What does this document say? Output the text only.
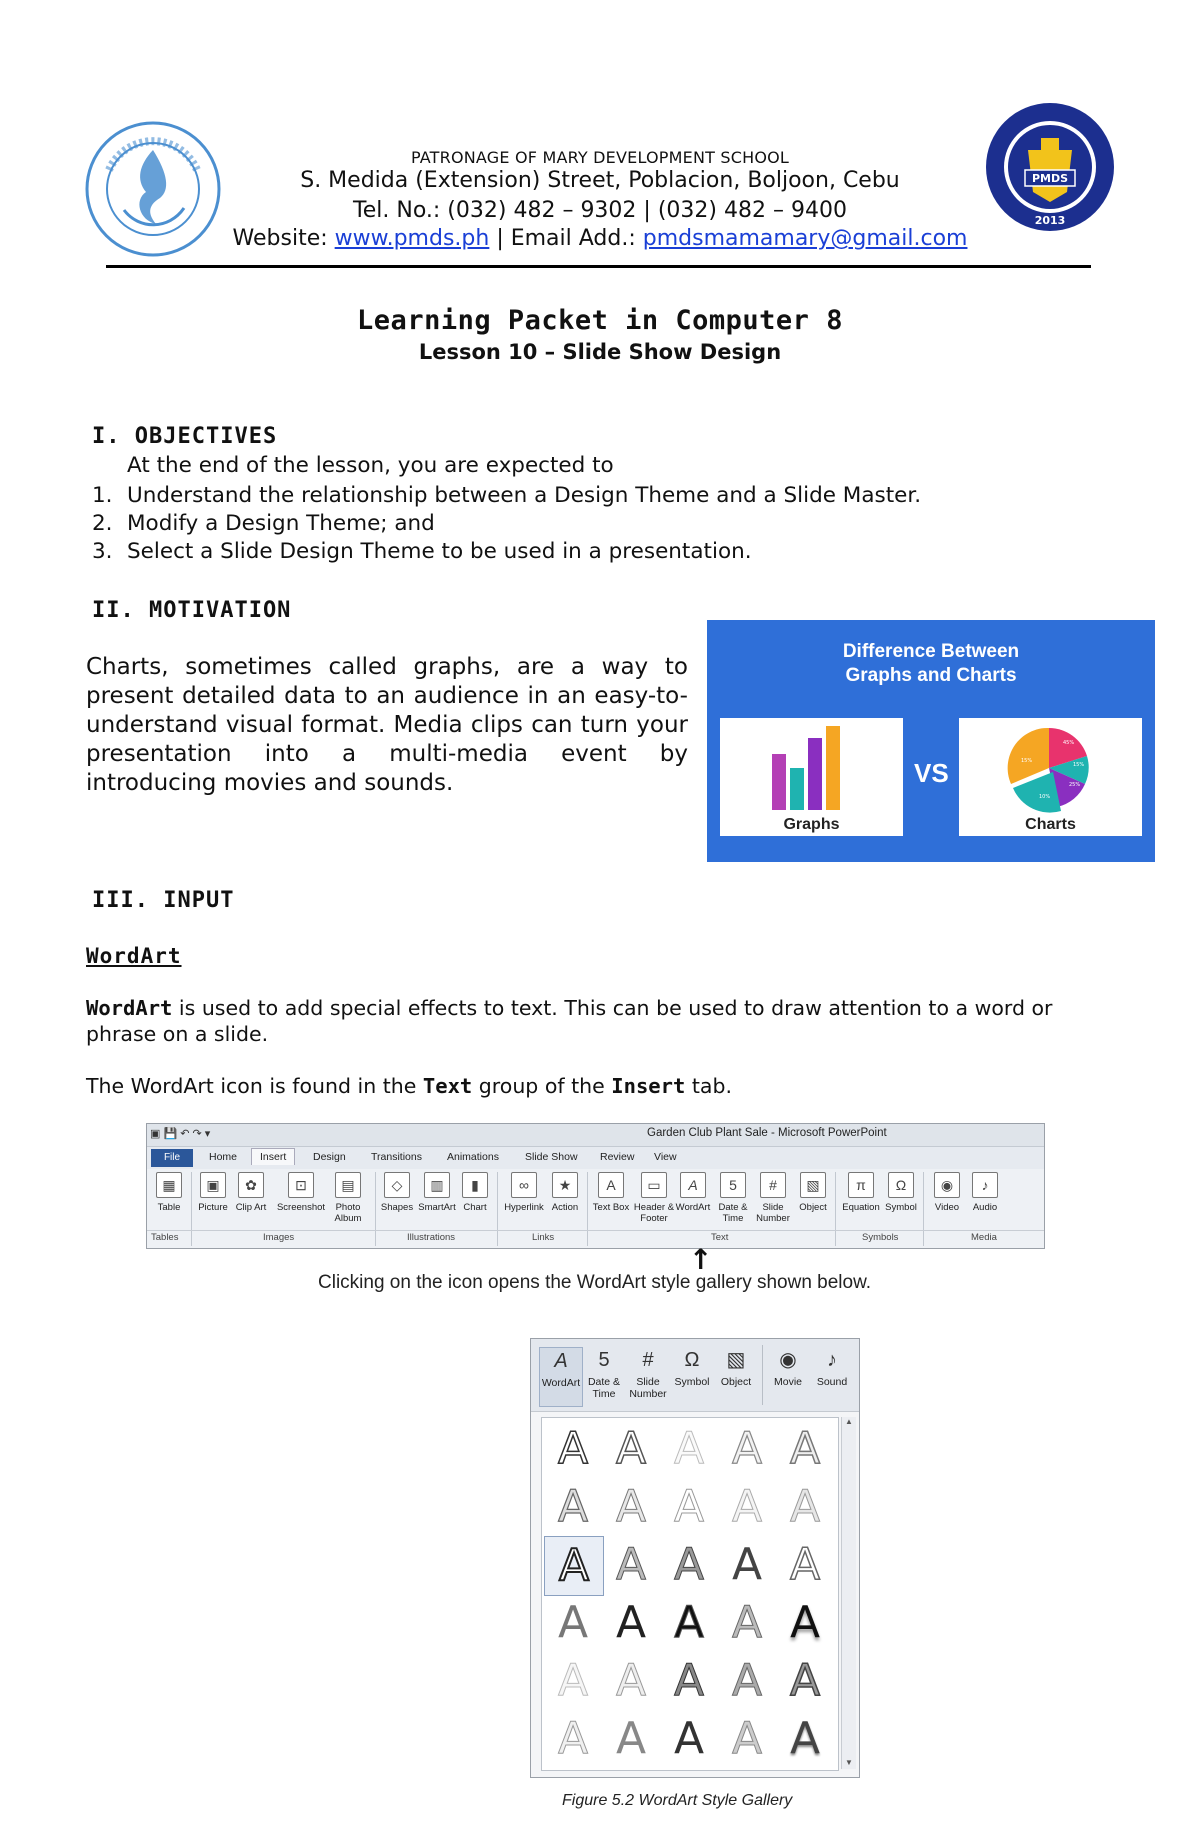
PMDS
2013
PATRONAGE OF MARY DEVELOPMENT SCHOOL
S. Medida (Extension) Street, Poblacion, Boljoon, Cebu
Tel. No.: (032) 482 – 9302 | (032) 482 – 9400
Website: www.pmds.ph | Email Add.: pmdsmamamary@gmail.com
Learning Packet in Computer 8
Lesson 10 – Slide Show Design
I. OBJECTIVES
At the end of the lesson, you are expected to
1. Understand the relationship between a Design Theme and a Slide Master.
2. Modify a Design Theme; and
3. Select a Slide Design Theme to be used in a presentation.
II. MOTIVATION
Charts, sometimes called graphs, are a way to present detailed data to an audience in an easy-to-understand visual format. Media clips can turn your presentation into a multi-media event by introducing movies and sounds.
Difference Between
Graphs and Charts
Graphs
VS
45%
15%
25%
10%
15%
Charts
III. INPUT
WordArt
WordArt is used to add special effects to text. This can be used to draw attention to a word or phrase on a slide.
The WordArt icon is found in the Text group of the Insert tab.
▣ 💾 ↶ ↷ ▾	Garden Club Plant Sale - Microsoft PowerPoint
File	Home	Insert	Design Transitions Animations Slide Show Review View
▦
Table
▣
Picture
✿
Clip Art
⊡
Screenshot
▤
Photo Album
◇
Shapes
▥
SmartArt
▮
Chart
∞
Hyperlink
★
Action
A
Text Box
▭
Header & Footer
A
WordArt
5
Date & Time
#
Slide Number
▧
Object
π
Equation
Ω
Symbol
◉
Video
♪
Audio
Tables	Images	Illustrations	Links	Text	Symbols	Media
↑
Clicking on the icon opens the WordArt style gallery shown below.
A
WordArt
5
Date & Time
#
Slide Number
Ω
Symbol
▧
Object
◉
Movie
♪
Sound
A A A A A
A A A A A
A A A A A
A A A A A
A A A A A
A A A A A
▲
▼
Figure 5.2 WordArt Style Gallery
